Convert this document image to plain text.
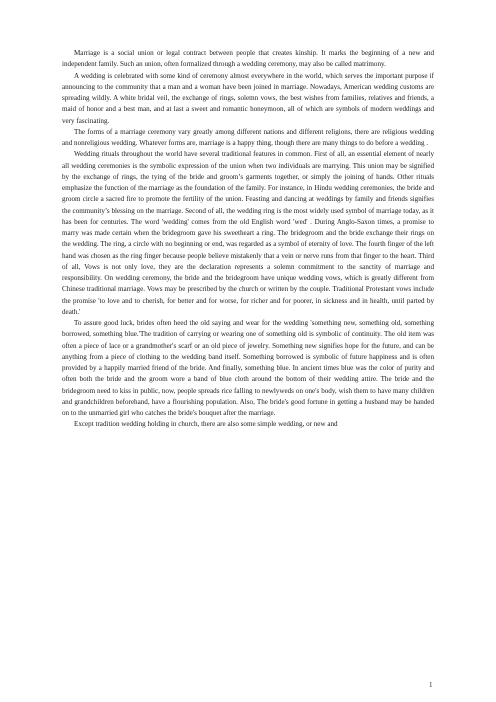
Marriage is a social union or legal contract between people that creates kinship. It marks the beginning of a new and independent family. Such an union, often formalized through a wedding ceremony, may also be called matrimony.

A wedding is celebrated with some kind of ceremony almost everywhere in the world, which serves the important purpose if announcing to the community that a man and a woman have been joined in marriage. Nowadays, American wedding customs are spreading wildly. A white bridal veil, the exchange of rings, solemn vows, the best wishes from families, relatives and friends, a maid of honor and a best man, and at last a sweet and romantic honeymoon, all of which are symbols of modern weddings and very fascinating.

The forms of a marriage ceremony vary greatly among different nations and different religions, there are religious wedding and nonreligious wedding. Whatever forms are, marriage is a happy thing, though there are many things to do before a wedding .

Wedding rituals throughout the world have several traditional features in common. First of all, an essential element of nearly all wedding ceremonies is the symbolic expression of the union when two individuals are marrying. This union may be signified by the exchange of rings, the tying of the bride and groom’s garments together, or simply the joining of hands. Other rituals emphasize the function of the marriage as the foundation of the family. For instance, in Hindu wedding ceremonies, the bride and groom circle a sacred fire to promote the fertility of the union. Feasting and dancing at weddings by family and friends signifies the community’s blessing on the marriage. Second of all, the wedding ring is the most widely used symbol of marriage today, as it has been for centuries. The word 'wedding' comes from the old English word 'wed' . During Anglo-Saxon times, a promise to marry was made certain when the bridegroom gave his sweetheart a ring. The bridegroom and the bride exchange their rings on the wedding. The ring, a circle with no beginning or end, was regarded as a symbol of eternity of love. The fourth finger of the left hand was chosen as the ring finger because people believe mistakenly that a vein or nerve runs from that finger to the heart. Third of all, Vows is not only love, they are the declaration represents a solemn commitment to the sanctity of marriage and responsibility. On wedding ceremony, the bride and the bridegroom have unique wedding vows, which is greatly different from Chinese traditional marriage. Vows may be prescribed by the church or written by the couple. Traditional Protestant vows include the promise 'to love and to cherish, for better and for worse, for richer and for poorer, in sickness and in health, until parted by death.'

To assure good luck, brides often heed the old saying and wear for the wedding 'something new, something old, something borrowed, something blue.'The tradition of carrying or wearing one of something old is symbolic of continuity. The old item was often a piece of lace or a grandmother's scarf or an old piece of jewelry. Something new signifies hope for the future, and can be anything from a piece of clothing to the wedding band itself. Something borrowed is symbolic of future happiness and is often provided by a happily married friend of the bride. And finally, something blue. In ancient times blue was the color of purity and often both the bride and the groom wore a band of blue cloth around the bottom of their wedding attire. The bride and the bridegroom need to kiss in public, now, people spreads rice falling to newlyweds on one's body, wish them to have many children and grandchildren beforehand, have a flourishing population. Also, The bride's good fortune in getting a husband may be handed on to the unmarried girl who catches the bride's bouquet after the marriage.

Except tradition wedding holding in church, there are also some simple wedding, or new and

1
